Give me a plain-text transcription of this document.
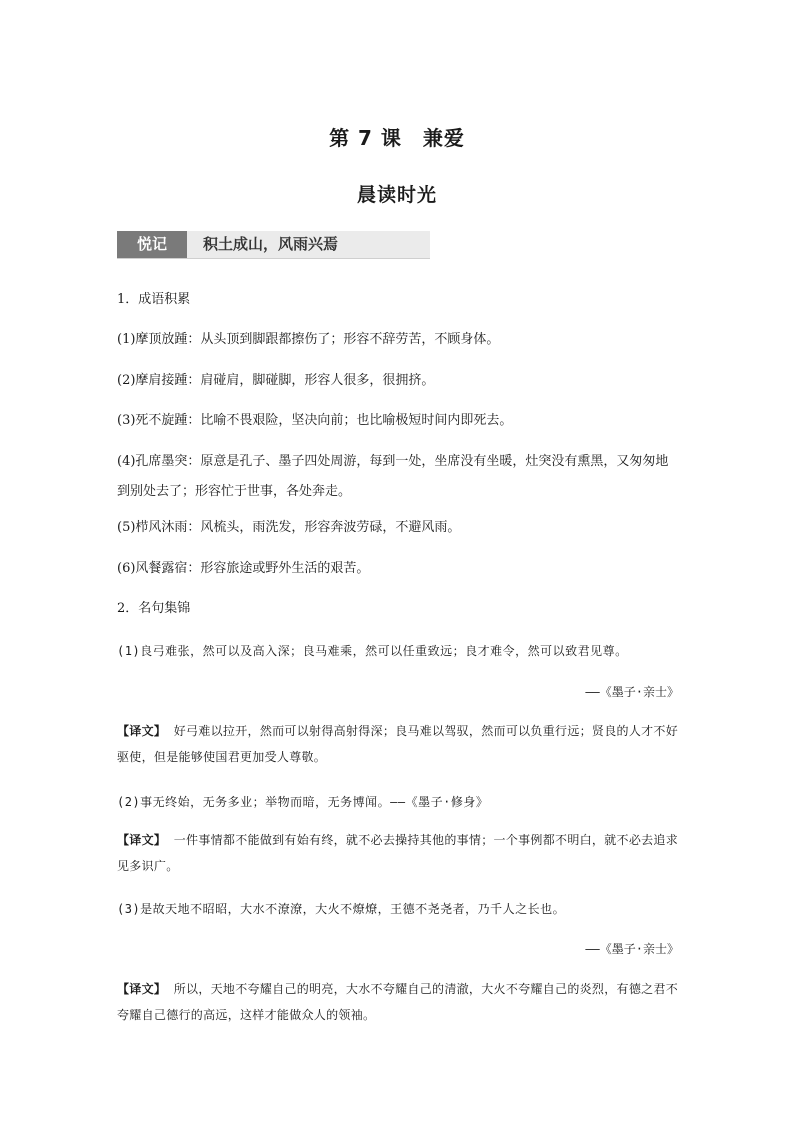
第 7 课　兼爱
晨读时光
悦记	积土成山，风雨兴焉
1．成语积累
(1)摩顶放踵：从头顶到脚跟都擦伤了；形容不辞劳苦，不顾身体。
(2)摩肩接踵：肩碰肩，脚碰脚，形容人很多，很拥挤。
(3)死不旋踵：比喻不畏艰险，坚决向前；也比喻极短时间内即死去。
(4)孔席墨突：原意是孔子、墨子四处周游，每到一处，坐席没有坐暖，灶突没有熏黑，又匆匆地到别处去了；形容忙于世事，各处奔走。
(5)栉风沐雨：风梳头，雨洗发，形容奔波劳碌，不避风雨。
(6)风餐露宿：形容旅途或野外生活的艰苦。
2．名句集锦
(1)良弓难张，然可以及高入深；良马难乘，然可以任重致远；良才难令，然可以致君见尊。
——《墨子·亲士》
【译文】 好弓难以拉开，然而可以射得高射得深；良马难以驾驭，然而可以负重行远；贤良的人才不好驱使，但是能够使国君更加受人尊敬。
(2)事无终始，无务多业；举物而暗，无务博闻。——《墨子·修身》
【译文】 一件事情都不能做到有始有终，就不必去操持其他的事情；一个事例都不明白，就不必去追求见多识广。
(3)是故天地不昭昭，大水不潦潦，大火不燎燎，王德不尧尧者，乃千人之长也。
——《墨子·亲士》
【译文】 所以，天地不夸耀自己的明亮，大水不夸耀自己的清澈，大火不夸耀自己的炎烈，有德之君不夸耀自己德行的高远，这样才能做众人的领袖。
